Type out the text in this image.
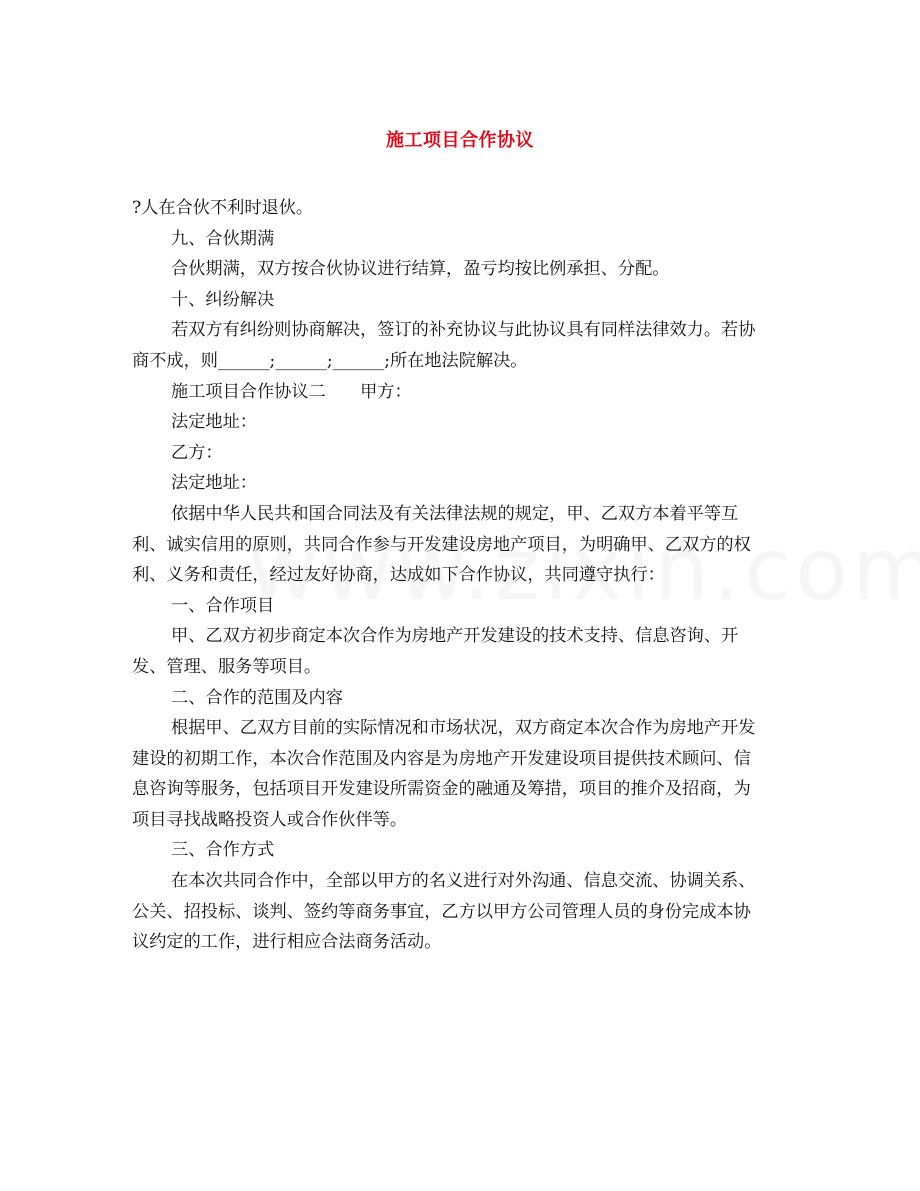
施工项目合作协议
?人在合伙不利时退伙。
九、合伙期满
合伙期满，双方按合伙协议进行结算，盈亏均按比例承担、分配。
十、纠纷解决
若双方有纠纷则协商解决，签订的补充协议与此协议具有同样法律效力。若协
商不成，则______;______;______;所在地法院解决。
施工项目合作协议二　　甲方：
法定地址：
乙方：
法定地址：
依据中华人民共和国合同法及有关法律法规的规定，甲、乙双方本着平等互
利、诚实信用的原则，共同合作参与开发建设房地产项目，为明确甲、乙双方的权
利、义务和责任，经过友好协商，达成如下合作协议，共同遵守执行：
一、合作项目
甲、乙双方初步商定本次合作为房地产开发建设的技术支持、信息咨询、开
发、管理、服务等项目。
二、合作的范围及内容
根据甲、乙双方目前的实际情况和市场状况，双方商定本次合作为房地产开发
建设的初期工作，本次合作范围及内容是为房地产开发建设项目提供技术顾问、信
息咨询等服务，包括项目开发建设所需资金的融通及筹措，项目的推介及招商，为
项目寻找战略投资人或合作伙伴等。
三、合作方式
在本次共同合作中，全部以甲方的名义进行对外沟通、信息交流、协调关系、
公关、招投标、谈判、签约等商务事宜，乙方以甲方公司管理人员的身份完成本协
议约定的工作，进行相应合法商务活动。
